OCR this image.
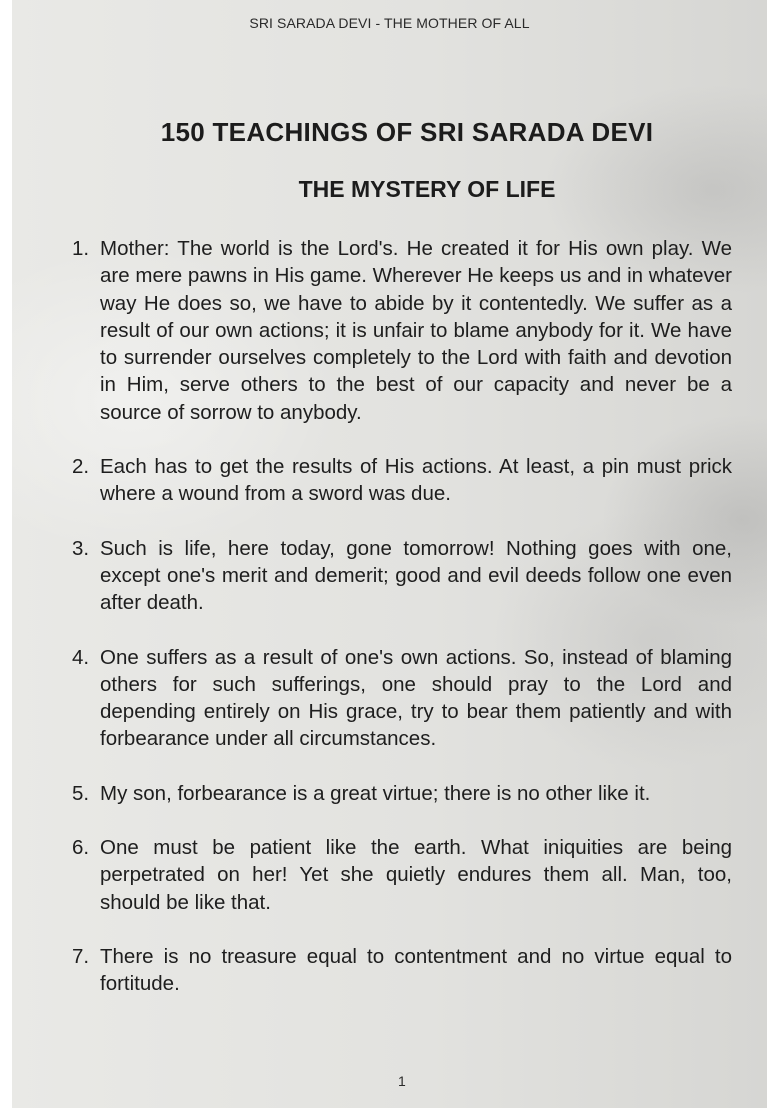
SRI SARADA DEVI - THE MOTHER OF ALL
150 TEACHINGS OF SRI SARADA DEVI
THE MYSTERY OF LIFE
1. Mother: The world is the Lord's. He created it for His own play. We are mere pawns in His game. Wherever He keeps us and in whatever way He does so, we have to abide by it contentedly. We suffer as a result of our own actions; it is unfair to blame anybody for it. We have to surrender ourselves completely to the Lord with faith and devotion in Him, serve others to the best of our capacity and never be a source of sorrow to anybody.
2. Each has to get the results of His actions. At least, a pin must prick where a wound from a sword was due.
3. Such is life, here today, gone tomorrow! Nothing goes with one, except one's merit and demerit; good and evil deeds follow one even after death.
4. One suffers as a result of one's own actions. So, instead of blaming others for such sufferings, one should pray to the Lord and depending entirely on His grace, try to bear them patiently and with forbearance under all circumstances.
5. My son, forbearance is a great virtue; there is no other like it.
6. One must be patient like the earth. What iniquities are being perpetrated on her! Yet she quietly endures them all. Man, too, should be like that.
7. There is no treasure equal to contentment and no virtue equal to fortitude.
1
